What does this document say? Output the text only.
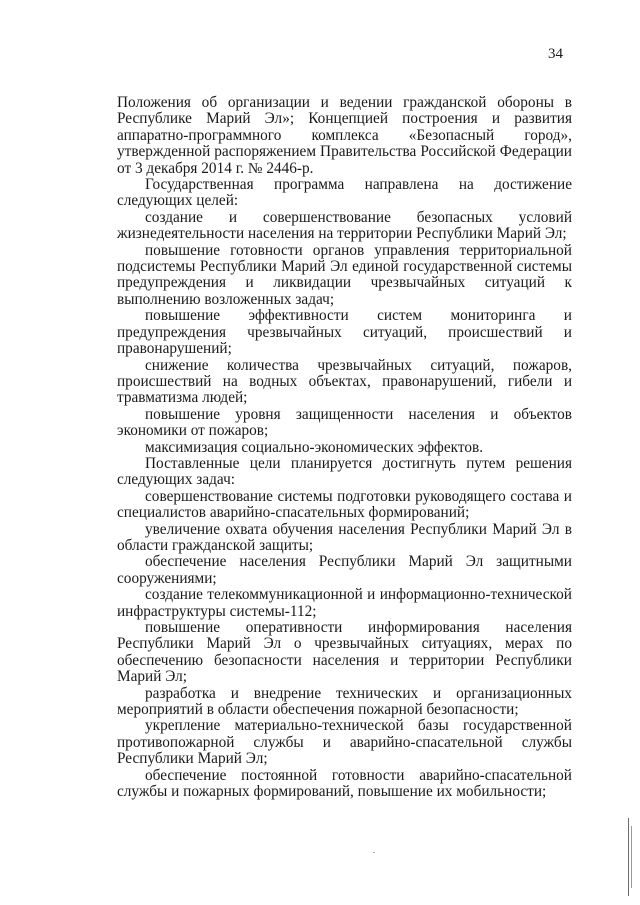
34

Положения об организации и ведении гражданской обороны в Республике Марий Эл»; Концепцией построения и развития аппаратно-программного комплекса «Безопасный город», утвержденной распоряжением Правительства Российской Федерации от 3 декабря 2014 г. № 2446-р.

Государственная программа направлена на достижение следующих целей:

создание и совершенствование безопасных условий жизнедеятельности населения на территории Республики Марий Эл;

повышение готовности органов управления территориальной подсистемы Республики Марий Эл единой государственной системы предупреждения и ликвидации чрезвычайных ситуаций к выполнению возложенных задач;

повышение эффективности систем мониторинга и предупреждения чрезвычайных ситуаций, происшествий и правонарушений;

снижение количества чрезвычайных ситуаций, пожаров, происшествий на водных объектах, правонарушений, гибели и травматизма людей;

повышение уровня защищенности населения и объектов экономики от пожаров;

максимизация социально-экономических эффектов.

Поставленные цели планируется достигнуть путем решения следующих задач:

совершенствование системы подготовки руководящего состава и специалистов аварийно-спасательных формирований;

увеличение охвата обучения населения Республики Марий Эл в области гражданской защиты;

обеспечение населения Республики Марий Эл защитными сооружениями;

создание телекоммуникационной и информационно-технической инфраструктуры системы-112;

повышение оперативности информирования населения Республики Марий Эл о чрезвычайных ситуациях, мерах по обеспечению безопасности населения и территории Республики Марий Эл;

разработка и внедрение технических и организационных мероприятий в области обеспечения пожарной безопасности;

укрепление материально-технической базы государственной противопожарной службы и аварийно-спасательной службы Республики Марий Эл;

обеспечение постоянной готовности аварийно-спасательной службы и пожарных формирований, повышение их мобильности;
